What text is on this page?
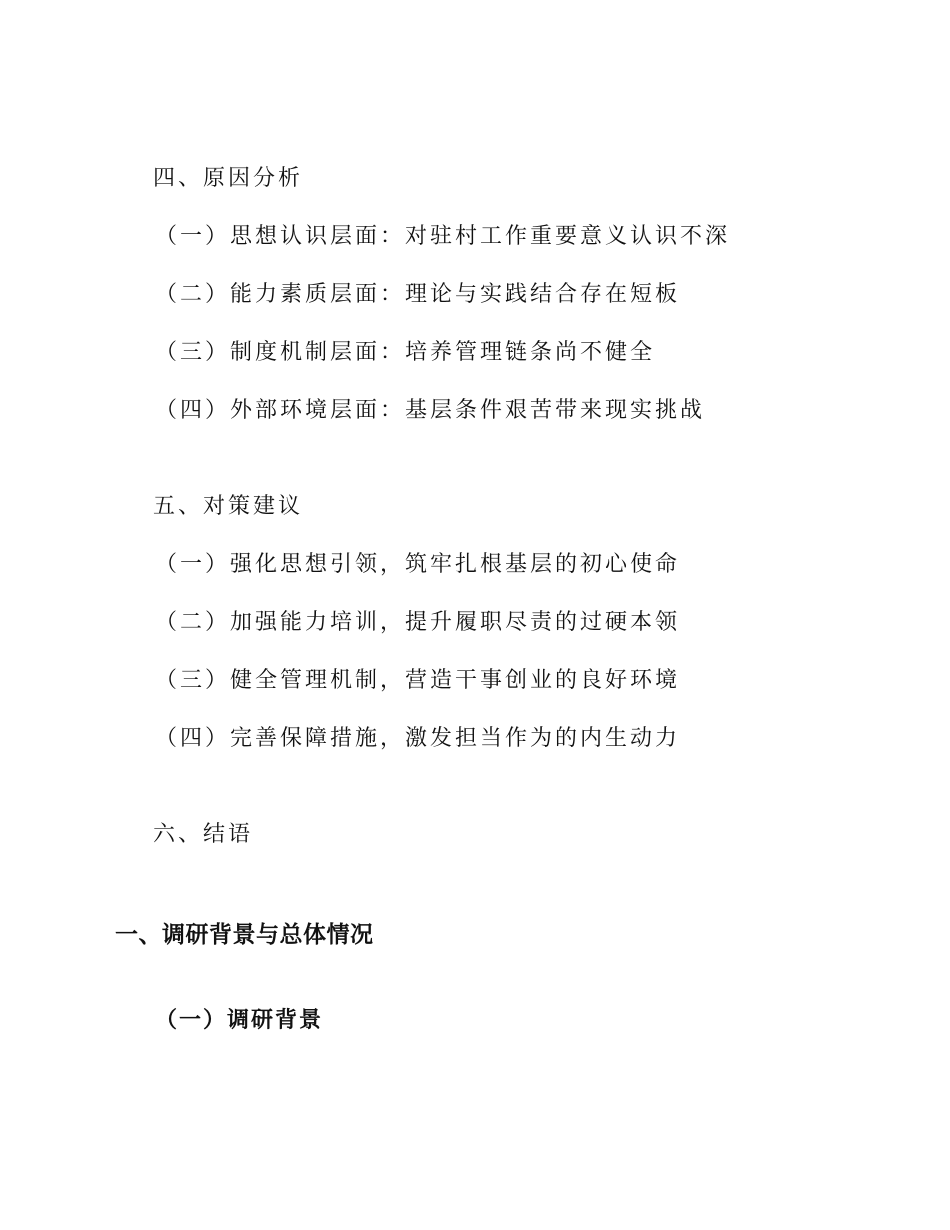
四、原因分析
（一）思想认识层面：对驻村工作重要意义认识不深
（二）能力素质层面：理论与实践结合存在短板
（三）制度机制层面：培养管理链条尚不健全
（四）外部环境层面：基层条件艰苦带来现实挑战
五、对策建议
（一）强化思想引领，筑牢扎根基层的初心使命
（二）加强能力培训，提升履职尽责的过硬本领
（三）健全管理机制，营造干事创业的良好环境
（四）完善保障措施，激发担当作为的内生动力
六、结语
一、调研背景与总体情况
（一）调研背景
